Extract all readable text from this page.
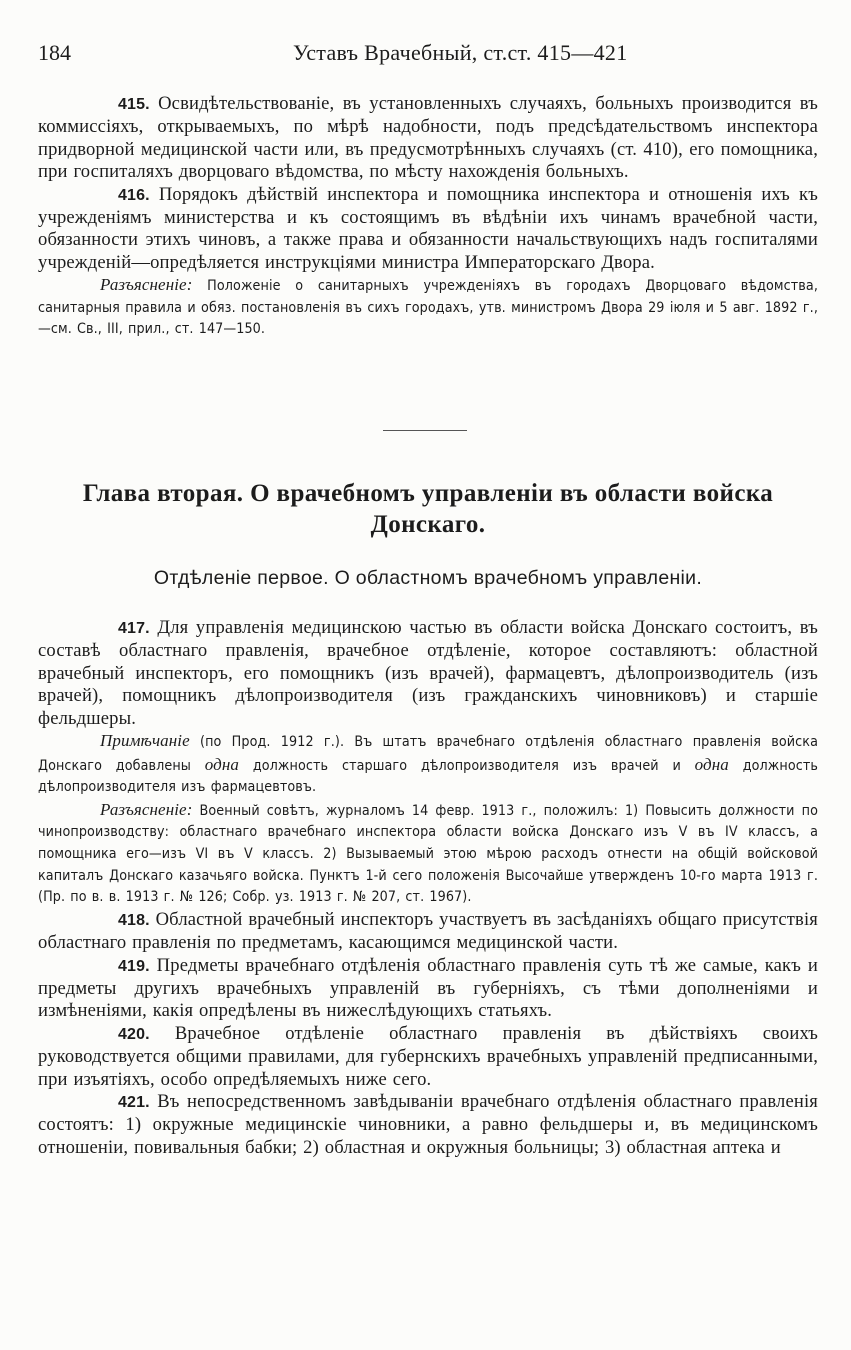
184	Уставъ Врачебный, ст.ст. 415—421

415. Освидѣтельствованіе, въ установленныхъ случаяхъ, больныхъ производится въ коммиссіяхъ, открываемыхъ, по мѣрѣ надобности, подъ предсѣдательствомъ инспектора придворной медицинской части или, въ предусмотрѣнныхъ случаяхъ (ст. 410), его помощника, при госпиталяхъ дворцоваго вѣдомства, по мѣсту нахожденія больныхъ.

416. Порядокъ дѣйствій инспектора и помощника инспектора и отношенія ихъ къ учрежденіямъ министерства и къ состоящимъ въ вѣдѣніи ихъ чинамъ врачебной части, обязанности этихъ чиновъ, а также права и обязанности начальствующихъ надъ госпиталями учрежденій—опредѣляется инструкціями министра Императорскаго Двора.

Разъясненіе: Положеніе о санитарныхъ учрежденіяхъ въ городахъ Дворцоваго вѣдомства, санитарныя правила и обяз. постановленія въ сихъ городахъ, утв. министромъ Двора 29 іюля и 5 авг. 1892 г.,—см. Св., III, прил., ст. 147—150.

Глава вторая. О врачебномъ управленіи въ области войска Донскаго.
Отдѣленіе первое. О областномъ врачебномъ управленіи.

417. Для управленія медицинскою частью въ области войска Донскаго состоитъ, въ составѣ областнаго правленія, врачебное отдѣленіе, которое составляютъ: областной врачебный инспекторъ, его помощникъ (изъ врачей), фармацевтъ, дѣлопроизводитель (изъ врачей), помощникъ дѣлопроизводителя (изъ гражданскихъ чиновниковъ) и старшіе фельдшеры.

Примѣчаніе (по Прод. 1912 г.). Въ штатъ врачебнаго отдѣленія областнаго правленія войска Донскаго добавлены одна должность старшаго дѣлопроизводителя изъ врачей и одна должность дѣлопроизводителя изъ фармацевтовъ.

Разъясненіе: Военный совѣтъ, журналомъ 14 февр. 1913 г., положилъ: 1) Повысить должности по чинопроизводству: областнаго врачебнаго инспектора области войска Донскаго изъ V въ IV классъ, а помощника его—изъ VI въ V классъ. 2) Вызываемый этою мѣрою расходъ отнести на общій войсковой капиталъ Донскаго казачьяго войска. Пунктъ 1-й сего положенія Высочайше утвержденъ 10-го марта 1913 г. (Пр. по в. в. 1913 г. № 126; Собр. уз. 1913 г. № 207, ст. 1967).

418. Областной врачебный инспекторъ участвуетъ въ засѣданіяхъ общаго присутствія областнаго правленія по предметамъ, касающимся медицинской части.

419. Предметы врачебнаго отдѣленія областнаго правленія суть тѣ же самые, какъ и предметы другихъ врачебныхъ управленій въ губерніяхъ, съ тѣми дополненіями и измѣненіями, какія опредѣлены въ нижеслѣдующихъ статьяхъ.

420. Врачебное отдѣленіе областнаго правленія въ дѣйствіяхъ своихъ руководствуется общими правилами, для губернскихъ врачебныхъ управленій предписанными, при изъятіяхъ, особо опредѣляемыхъ ниже сего.

421. Въ непосредственномъ завѣдываніи врачебнаго отдѣленія областнаго правленія состоятъ: 1) окружные медицинскіе чиновники, а равно фельдшеры и, въ медицинскомъ отношеніи, повивальныя бабки; 2) областная и окружныя больницы; 3) областная аптека и
